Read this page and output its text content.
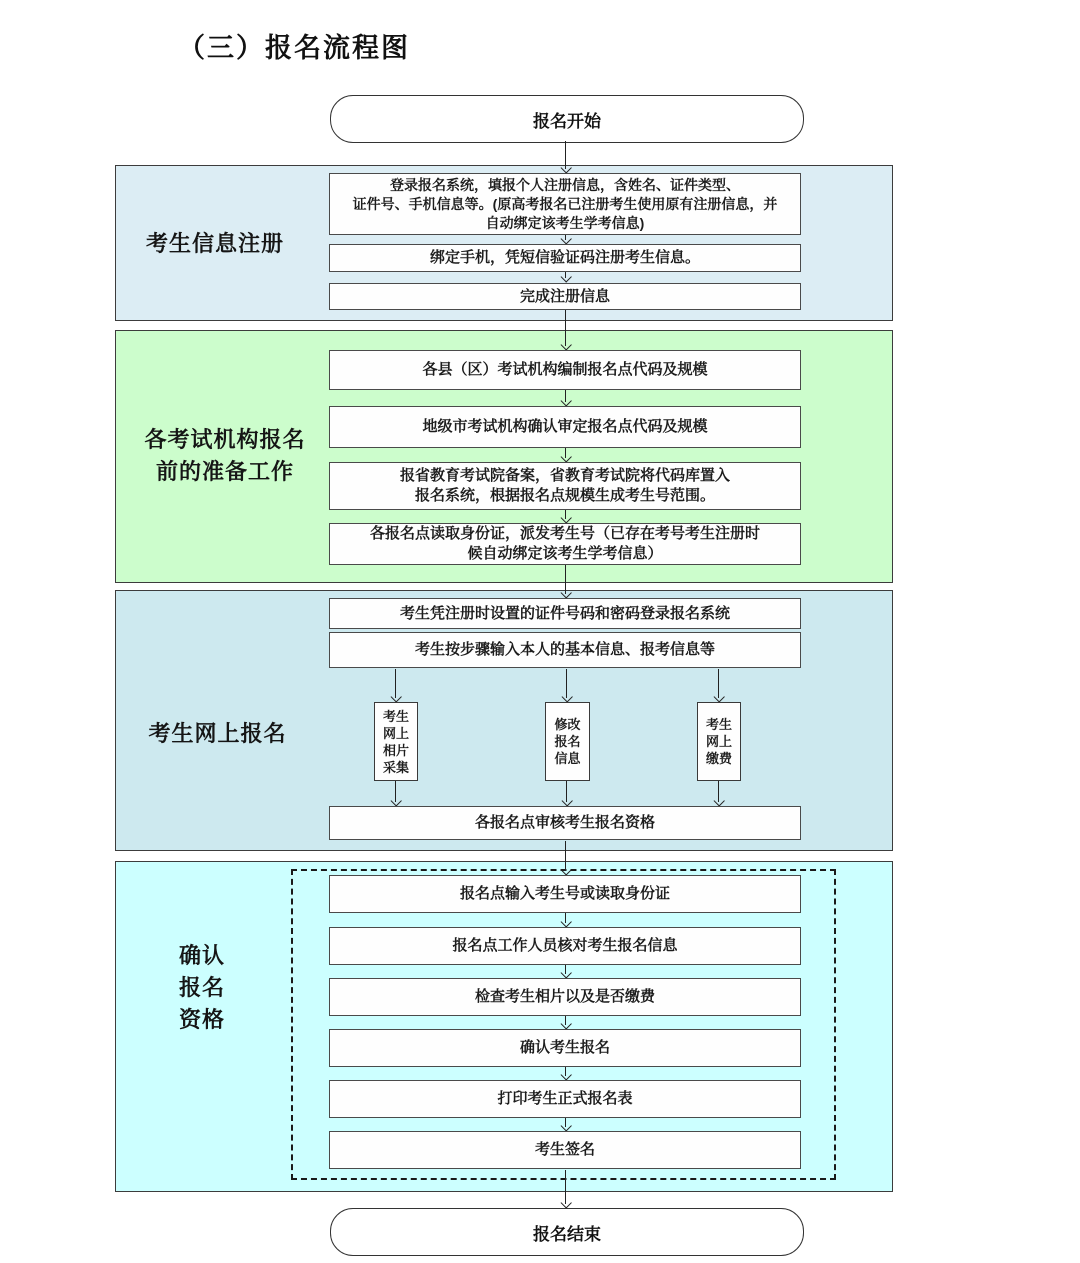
（三）报名流程图
报名开始
考生信息注册
各考试机构报名
前的准备工作
考生网上报名
确认
报名
资格
登录报名系统，填报个人注册信息，含姓名、证件类型、
证件号、手机信息等。(原高考报名已注册考生使用原有注册信息，并
自动绑定该考生学考信息)
绑定手机，凭短信验证码注册考生信息。
完成注册信息
各县（区）考试机构编制报名点代码及规模
地级市考试机构确认审定报名点代码及规模
报省教育考试院备案，省教育考试院将代码库置入
报名系统，根据报名点规模生成考生号范围。
各报名点读取身份证，派发考生号（已存在考号考生注册时
候自动绑定该考生学考信息）
考生凭注册时设置的证件号码和密码登录报名系统
考生按步骤输入本人的基本信息、报考信息等
考生
网上
相片
采集
修改
报名
信息
考生
网上
缴费
各报名点审核考生报名资格
报名点输入考生号或读取身份证
报名点工作人员核对考生报名信息
检查考生相片以及是否缴费
确认考生报名
打印考生正式报名表
考生签名
报名结束
